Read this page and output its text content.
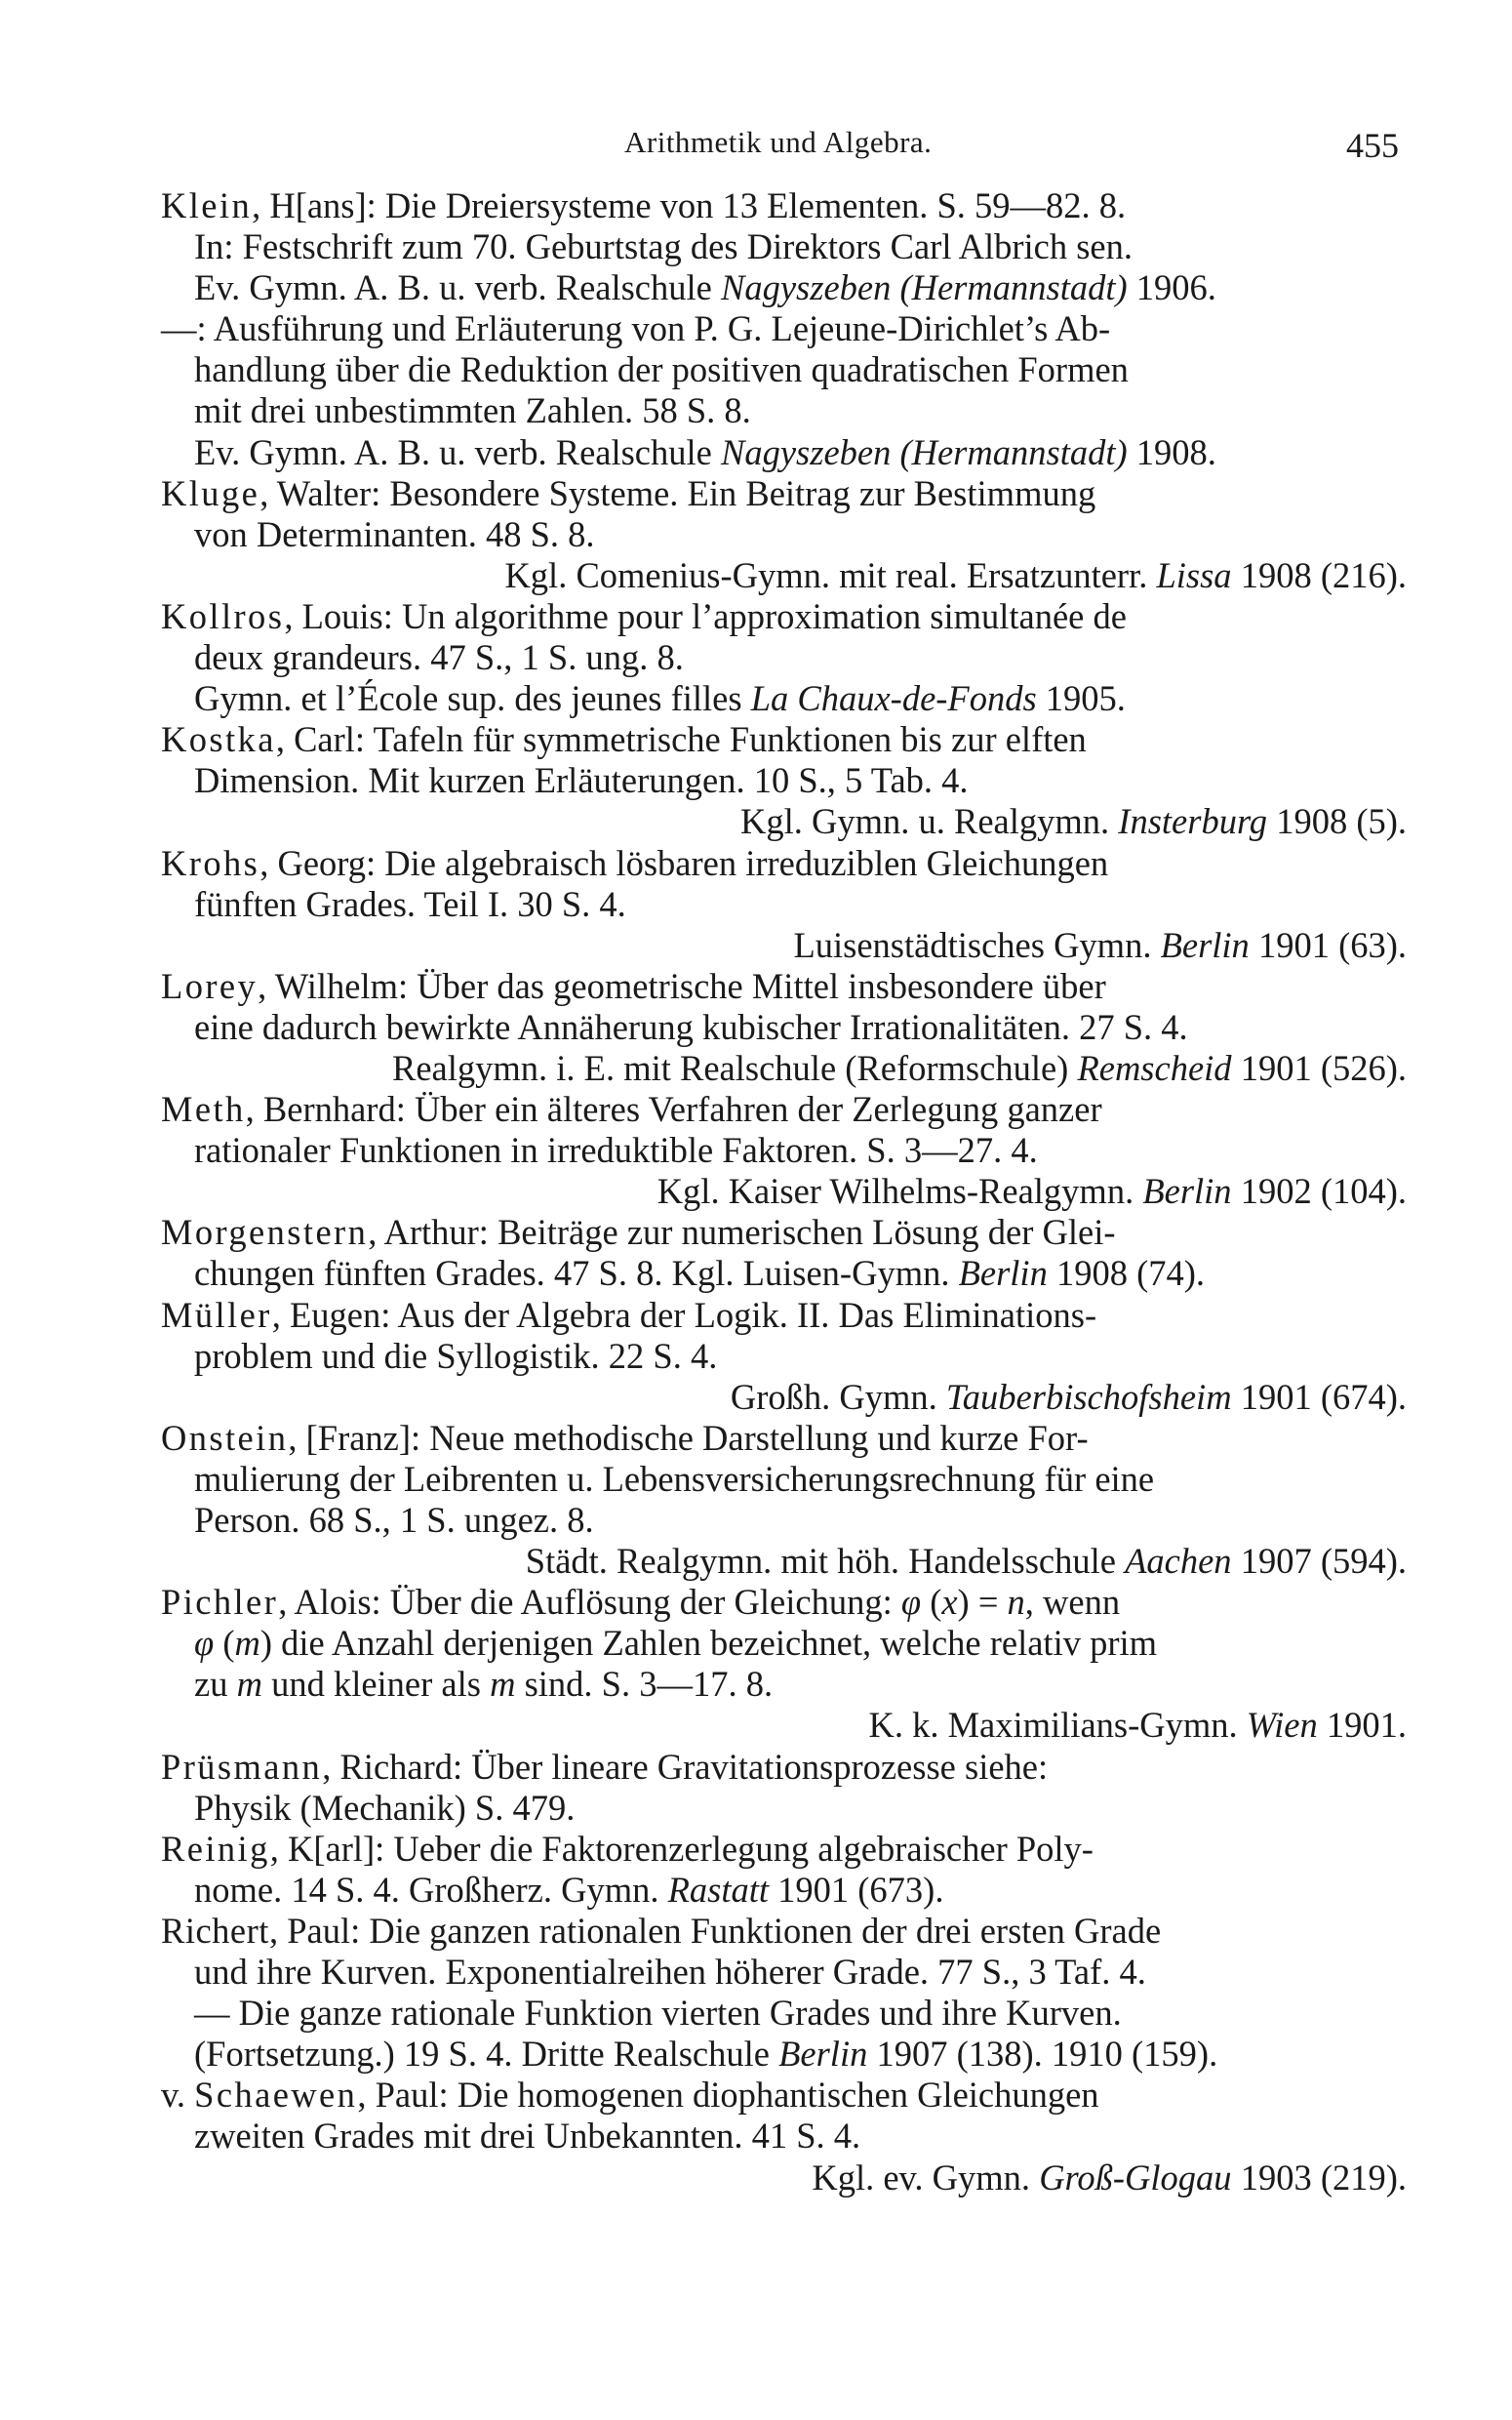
Arithmetik und Algebra.	455
Klein, H[ans]: Die Dreiersysteme von 13 Elementen. S. 59—82. 8.
In: Festschrift zum 70. Geburtstag des Direktors Carl Albrich sen.
Ev. Gymn. A. B. u. verb. Realschule Nagyszeben (Hermannstadt) 1906.
—: Ausführung und Erläuterung von P. G. Lejeune-Dirichlet’s Ab-
handlung über die Reduktion der positiven quadratischen Formen
mit drei unbestimmten Zahlen. 58 S. 8.
Ev. Gymn. A. B. u. verb. Realschule Nagyszeben (Hermannstadt) 1908.
Kluge, Walter: Besondere Systeme. Ein Beitrag zur Bestimmung
von Determinanten. 48 S. 8.
Kgl. Comenius-Gymn. mit real. Ersatzunterr. Lissa 1908 (216).
Kollros, Louis: Un algorithme pour l’approximation simultanée de
deux grandeurs. 47 S., 1 S. ung. 8.
Gymn. et l’École sup. des jeunes filles La Chaux-de-Fonds 1905.
Kostka, Carl: Tafeln für symmetrische Funktionen bis zur elften
Dimension. Mit kurzen Erläuterungen. 10 S., 5 Tab. 4.
Kgl. Gymn. u. Realgymn. Insterburg 1908 (5).
Krohs, Georg: Die algebraisch lösbaren irreduziblen Gleichungen
fünften Grades. Teil I. 30 S. 4.
Luisenstädtisches Gymn. Berlin 1901 (63).
Lorey, Wilhelm: Über das geometrische Mittel insbesondere über
eine dadurch bewirkte Annäherung kubischer Irrationalitäten. 27 S. 4.
Realgymn. i. E. mit Realschule (Reformschule) Remscheid 1901 (526).
Meth, Bernhard: Über ein älteres Verfahren der Zerlegung ganzer
rationaler Funktionen in irreduktible Faktoren. S. 3—27. 4.
Kgl. Kaiser Wilhelms-Realgymn. Berlin 1902 (104).
Morgenstern, Arthur: Beiträge zur numerischen Lösung der Glei-
chungen fünften Grades. 47 S. 8. Kgl. Luisen-Gymn. Berlin 1908 (74).
Müller, Eugen: Aus der Algebra der Logik. II. Das Eliminations-
problem und die Syllogistik. 22 S. 4.
Großh. Gymn. Tauberbischofsheim 1901 (674).
Onstein, [Franz]: Neue methodische Darstellung und kurze For-
mulierung der Leibrenten u. Lebensversicherungsrechnung für eine
Person. 68 S., 1 S. ungez. 8.
Städt. Realgymn. mit höh. Handelsschule Aachen 1907 (594).
Pichler, Alois: Über die Auflösung der Gleichung: φ (x) = n, wenn
φ (m) die Anzahl derjenigen Zahlen bezeichnet, welche relativ prim
zu m und kleiner als m sind. S. 3—17. 8.
K. k. Maximilians-Gymn. Wien 1901.
Prüsmann, Richard: Über lineare Gravitationsprozesse siehe:
Physik (Mechanik) S. 479.
Reinig, K[arl]: Ueber die Faktorenzerlegung algebraischer Poly-
nome. 14 S. 4. Großherz. Gymn. Rastatt 1901 (673).
Richert, Paul: Die ganzen rationalen Funktionen der drei ersten Grade
und ihre Kurven. Exponentialreihen höherer Grade. 77 S., 3 Taf. 4.
— Die ganze rationale Funktion vierten Grades und ihre Kurven.
(Fortsetzung.) 19 S. 4. Dritte Realschule Berlin 1907 (138). 1910 (159).
v. Schaewen, Paul: Die homogenen diophantischen Gleichungen
zweiten Grades mit drei Unbekannten. 41 S. 4.
Kgl. ev. Gymn. Groß-Glogau 1903 (219).
